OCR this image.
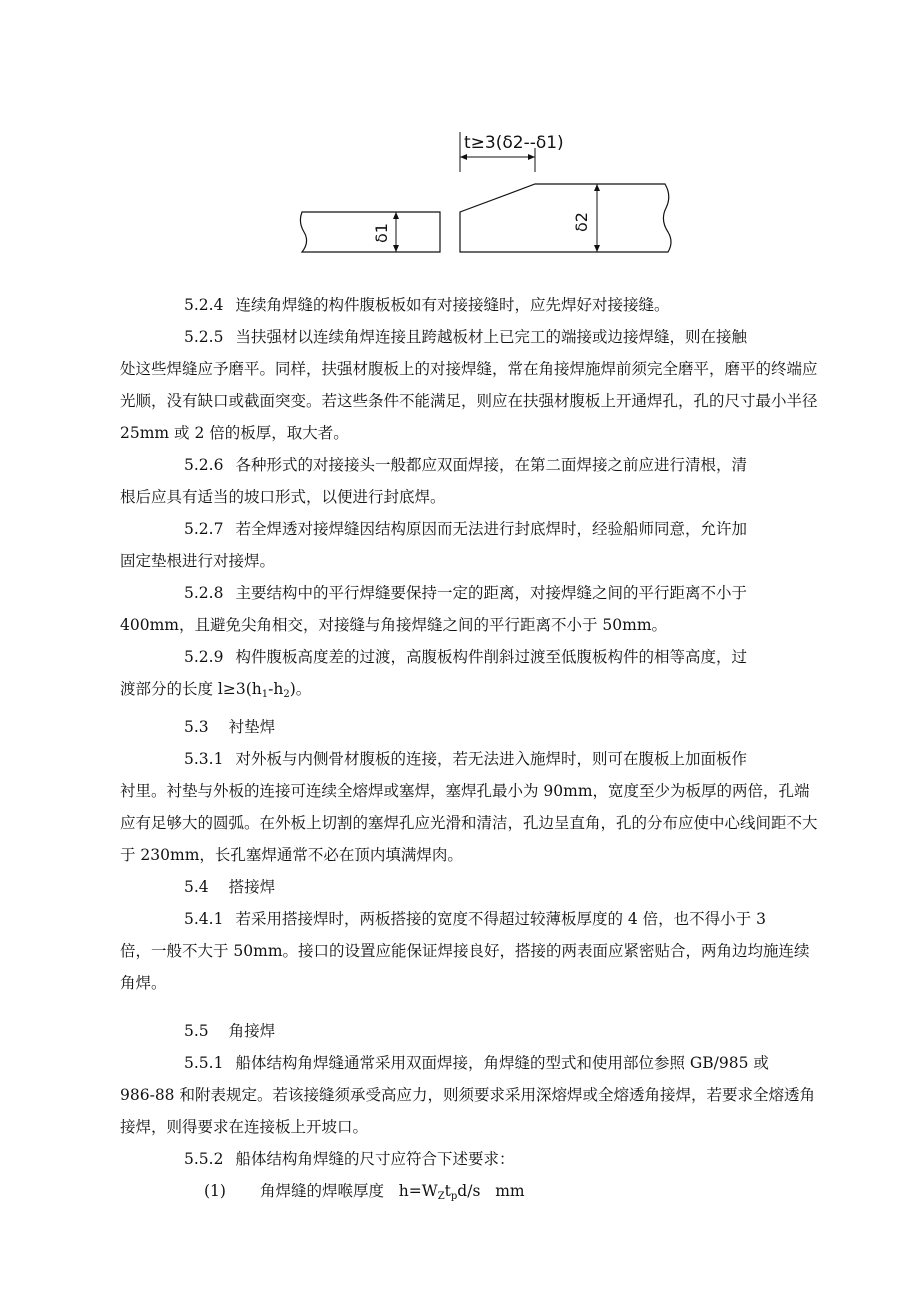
t≥3(δ2--δ1)
δ1
δ2

5.2.4 连续角焊缝的构件腹板板如有对接接缝时，应先焊好对接接缝。

5.2.5 当扶强材以连续角焊连接且跨越板材上已完工的端接或边接焊缝，则在接触

处这些焊缝应予磨平。同样，扶强材腹板上的对接焊缝，常在角接焊施焊前须完全磨平，磨平的终端应光顺，没有缺口或截面突变。若这些条件不能满足，则应在扶强材腹板上开通焊孔，孔的尺寸最小半径 25mm 或 2 倍的板厚，取大者。

5.2.6 各种形式的对接接头一般都应双面焊接，在第二面焊接之前应进行清根，清

根后应具有适当的坡口形式，以便进行封底焊。

5.2.7 若全焊透对接焊缝因结构原因而无法进行封底焊时，经验船师同意，允许加

固定垫根进行对接焊。

5.2.8 主要结构中的平行焊缝要保持一定的距离，对接焊缝之间的平行距离不小于

400mm，且避免尖角相交，对接缝与角接焊缝之间的平行距离不小于 50mm。

5.2.9 构件腹板高度差的过渡，高腹板构件削斜过渡至低腹板构件的相等高度，过

渡部分的长度 $l\ge 3(h_1-h_2)$。

5.3 衬垫焊

5.3.1 对外板与内侧骨材腹板的连接，若无法进入施焊时，则可在腹板上加面板作

衬里。衬垫与外板的连接可连续全熔焊或塞焊，塞焊孔最小为 90mm，宽度至少为板厚的两倍，孔端应有足够大的圆弧。在外板上切割的塞焊孔应光滑和清洁，孔边呈直角，孔的分布应使中心线间距不大于 230mm，长孔塞焊通常不必在顶内填满焊肉。

5.4 搭接焊

5.4.1 若采用搭接焊时，两板搭接的宽度不得超过较薄板厚度的 4 倍，也不得小于 3

倍，一般不大于 50mm。接口的设置应能保证焊接良好，搭接的两表面应紧密贴合，两角边均施连续角焊。

5.5 角接焊

5.5.1 船体结构角焊缝通常采用双面焊接，角焊缝的型式和使用部位参照 GB/985 或

986-88 和附表规定。若该接缝须承受高应力，则须要求采用深熔焊或全熔透角接焊，若要求全熔透角接焊，则得要求在连接板上开坡口。

5.5.2 船体结构角焊缝的尺寸应符合下述要求：

(1) 角焊缝的焊喉厚度 $h=W_Zt_pd/s$ mm
